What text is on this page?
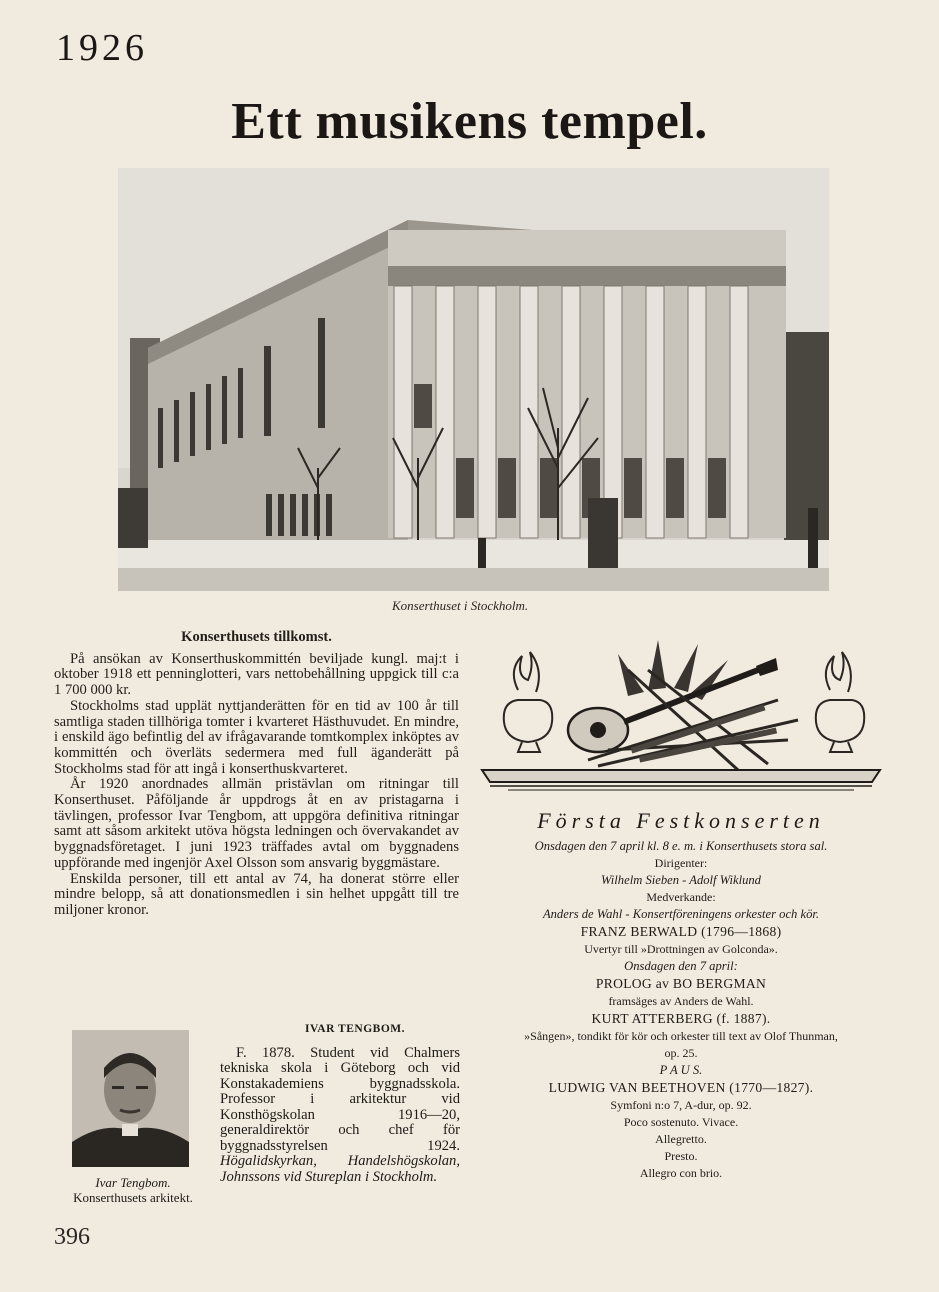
1926
Ett musikens tempel.
Konserthuset i Stockholm.
Konserthusets tillkomst.

På ansökan av Konserthuskommittén beviljade kungl. maj:t i oktober 1918 ett penninglotteri, vars nettobehållning uppgick till c:a 1 700 000 kr.

Stockholms stad upplät nyttjanderätten för en tid av 100 år till samtliga staden tillhöriga tomter i kvarteret Hästhuvudet. En mindre, i enskild ägo befintlig del av ifrågavarande tomtkomplex inköptes av kommittén och överläts sedermera med full äganderätt på Stockholms stad för att ingå i konserthuskvarteret.

År 1920 anordnades allmän pristävlan om ritningar till Konserthuset. Påföljande år uppdrogs åt en av pristagarna i tävlingen, professor Ivar Tengbom, att uppgöra definitiva ritningar samt att såsom arkitekt utöva högsta ledningen och övervakandet av byggnadsföretaget. I juni 1923 träffades avtal om byggnadens uppförande med ingenjör Axel Olsson som ansvarig byggmästare.

Enskilda personer, till ett antal av 74, ha donerat större eller mindre belopp, så att donationsmedlen i sin helhet uppgått till tre miljoner kronor.

Ivar Tengbom.
Konserthusets arkitekt.
IVAR TENGBOM.

F. 1878. Student vid Chalmers tekniska skola i Göteborg och vid Konstakademiens byggnadsskola. Professor i arkitektur vid Konsthögskolan 1916—20, generaldirektör och chef för byggnadsstyrelsen 1924. Högalidskyrkan, Handelshögskolan, Johnssons vid Stureplan i Stockholm.

396
Första Festkonserten
Onsdagen den 7 april kl. 8 e. m. i Konserthusets stora sal.
Dirigenter:
Wilhelm Sieben - Adolf Wiklund
Medverkande:
Anders de Wahl - Konsertföreningens orkester och kör.
FRANZ BERWALD (1796—1868)
Uvertyr till »Drottningen av Golconda».
Onsdagen den 7 april:
PROLOG av BO BERGMAN
framsäges av Anders de Wahl.
KURT ATTERBERG (f. 1887).
»Sången», tondikt för kör och orkester till text av Olof Thunman,
op. 25.
P A U S.
LUDWIG VAN BEETHOVEN (1770—1827).
Symfoni n:o 7, A-dur, op. 92.
Poco sostenuto. Vivace.
Allegretto.
Presto.
Allegro con brio.
